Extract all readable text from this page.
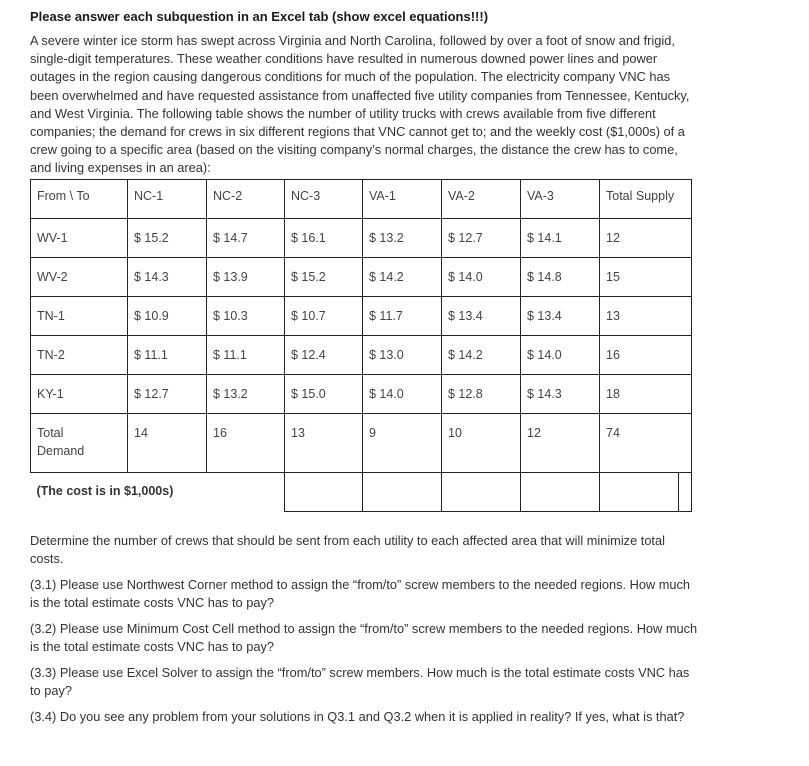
Please answer each subquestion in an Excel tab (show excel equations!!!)

A severe winter ice storm has swept across Virginia and North Carolina, followed by over a foot of snow and frigid, single-digit temperatures. These weather conditions have resulted in numerous downed power lines and power outages in the region causing dangerous conditions for much of the population. The electricity company VNC has been overwhelmed and have requested assistance from unaffected five utility companies from Tennessee, Kentucky, and West Virginia. The following table shows the number of utility trucks with crews available from five different companies; the demand for crews in six different regions that VNC cannot get to; and the weekly cost ($1,000s) of a crew going to a specific area (based on the visiting company’s normal charges, the distance the crew has to come, and living expenses in an area):

From \ To	NC-1	NC-2	NC-3	VA-1	VA-2	VA-3	Total Supply
WV-1	$ 15.2	$ 14.7	$ 16.1	$ 13.2	$ 12.7	$ 14.1	12
WV-2	$ 14.3	$ 13.9	$ 15.2	$ 14.2	$ 14.0	$ 14.8	15
TN-1	$ 10.9	$ 10.3	$ 10.7	$ 11.7	$ 13.4	$ 13.4	13
TN-2	$ 11.1	$ 11.1	$ 12.4	$ 13.0	$ 14.2	$ 14.0	16
KY-1	$ 12.7	$ 13.2	$ 15.0	$ 14.0	$ 12.8	$ 14.3	18
Total
Demand	14	16	13	9	10	12	74
(The cost is in $1,000s)							

Determine the number of crews that should be sent from each utility to each affected area that will minimize total costs.

(3.1) Please use Northwest Corner method to assign the “from/to” screw members to the needed regions. How much is the total estimate costs VNC has to pay?

(3.2) Please use Minimum Cost Cell method to assign the “from/to” screw members to the needed regions. How much is the total estimate costs VNC has to pay?

(3.3) Please use Excel Solver to assign the “from/to” screw members. How much is the total estimate costs VNC has to pay?

(3.4) Do you see any problem from your solutions in Q3.1 and Q3.2 when it is applied in reality? If yes, what is that?
